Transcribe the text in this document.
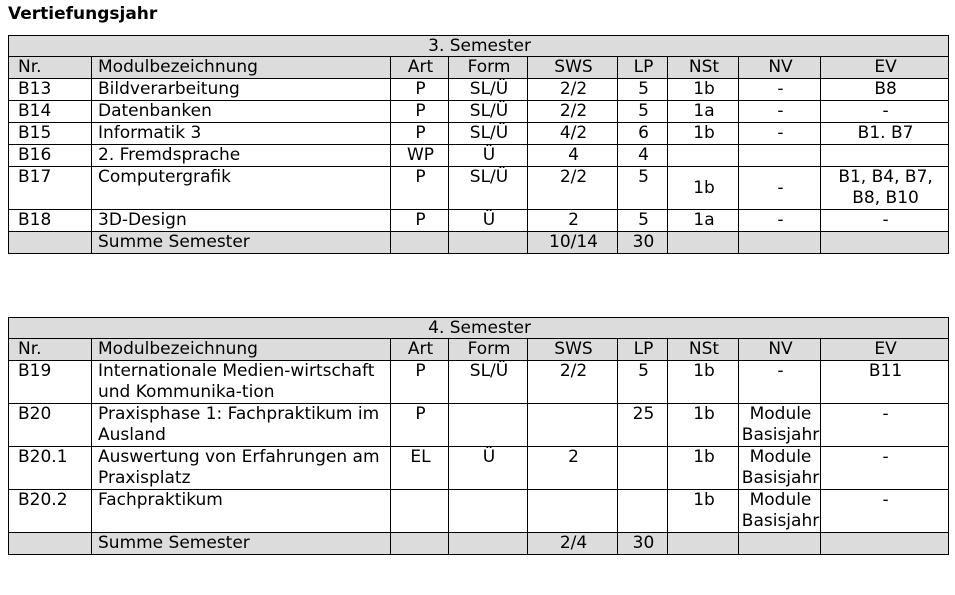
Vertiefungsjahr
3. Semester								
Nr.	Modulbezeichnung	Art	Form	SWS	LP	NSt	NV	EV
B13	Bildverarbeitung	P	SL/Ü	2/2	5	1b	-	B8
B14	Datenbanken	P	SL/Ü	2/2	5	1a	-	-
B15	Informatik 3	P	SL/Ü	4/2	6	1b	-	B1. B7
B16	2. Fremdsprache	WP	Ü	4	4			
B17	Computergrafik	P	SL/Ü	2/2	5	1b	-	B1, B4, B7, B8, B10
B18	3D-Design	P	Ü	2	5	1a	-	-
	Summe Semester			10/14	30			
4. Semester								
Nr.	Modulbezeichnung	Art	Form	SWS	LP	NSt	NV	EV
B19	Internationale Medien-wirtschaft und Kommunika-tion	P	SL/Ü	2/2	5	1b	-	B11
B20	Praxisphase 1: Fachpraktikum im Ausland	P			25	1b	Module Basisjahr	-
B20.1	Auswertung von Erfahrungen am Praxisplatz	EL	Ü	2		1b	Module Basisjahr	-
B20.2	Fachpraktikum					1b	Module Basisjahr	-
	Summe Semester			2/4	30			
